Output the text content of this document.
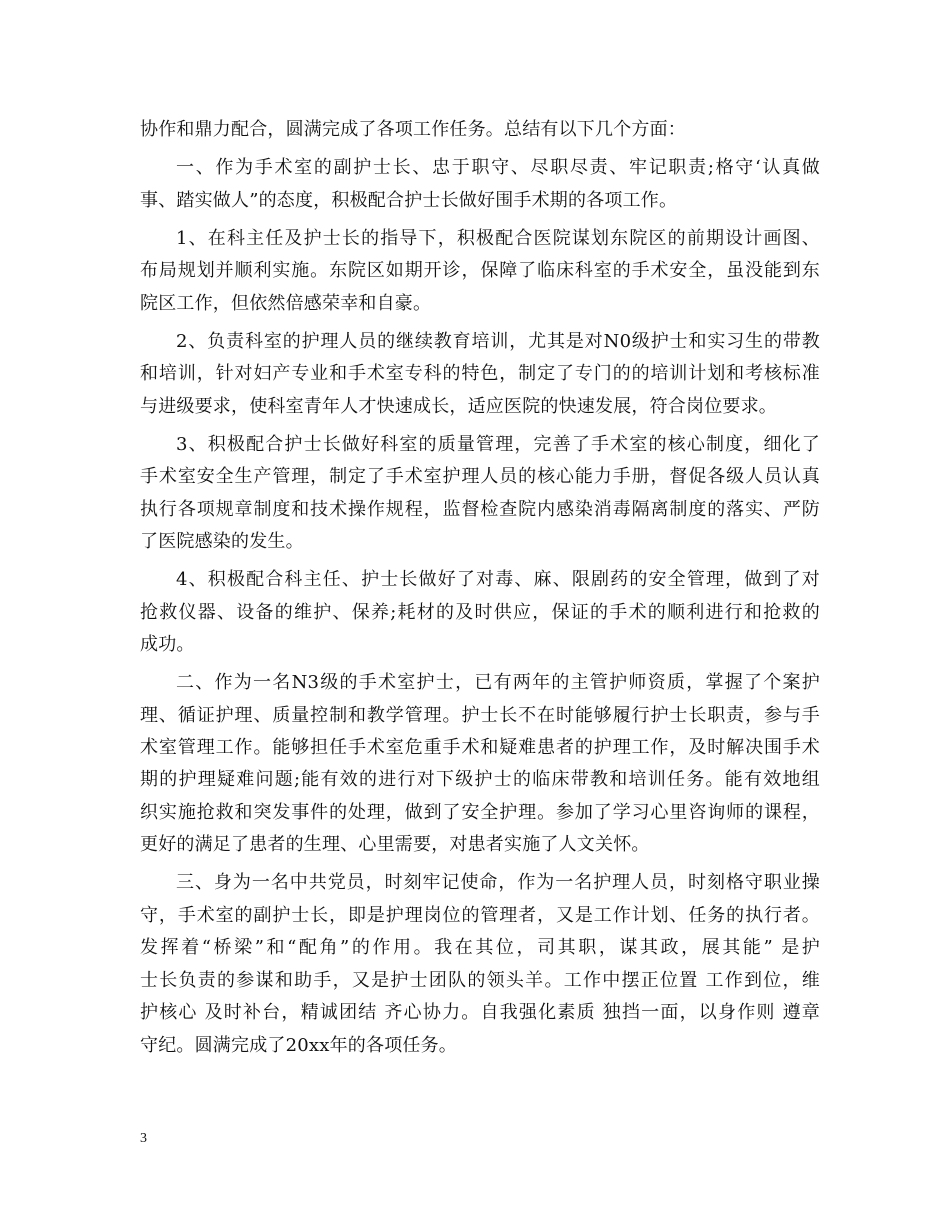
协作和鼎力配合，圆满完成了各项工作任务。总结有以下几个方面：
一、作为手术室的副护士长、忠于职守、尽职尽责、牢记职责;格守‘认真做
事、踏实做人”的态度，积极配合护士长做好围手术期的各项工作。
1、在科主任及护士长的指导下，积极配合医院谋划东院区的前期设计画图、
布局规划并顺利实施。东院区如期开诊，保障了临床科室的手术安全，虽没能到东
院区工作，但依然倍感荣幸和自豪。
2、负责科室的护理人员的继续教育培训，尤其是对N0级护士和实习生的带教
和培训，针对妇产专业和手术室专科的特色，制定了专门的的培训计划和考核标准
与进级要求，使科室青年人才快速成长，适应医院的快速发展，符合岗位要求。
3、积极配合护士长做好科室的质量管理，完善了手术室的核心制度，细化了
手术室安全生产管理，制定了手术室护理人员的核心能力手册，督促各级人员认真
执行各项规章制度和技术操作规程，监督检查院内感染消毒隔离制度的落实、严防
了医院感染的发生。
4、积极配合科主任、护士长做好了对毒、麻、限剧药的安全管理，做到了对
抢救仪器、设备的维护、保养;耗材的及时供应，保证的手术的顺利进行和抢救的
成功。
二、作为一名N3级的手术室护士，已有两年的主管护师资质，掌握了个案护
理、循证护理、质量控制和教学管理。护士长不在时能够履行护士长职责，参与手
术室管理工作。能够担任手术室危重手术和疑难患者的护理工作，及时解决围手术
期的护理疑难问题;能有效的进行对下级护士的临床带教和培训任务。能有效地组
织实施抢救和突发事件的处理，做到了安全护理。参加了学习心里咨询师的课程，
更好的满足了患者的生理、心里需要，对患者实施了人文关怀。
三、身为一名中共党员，时刻牢记使命，作为一名护理人员，时刻格守职业操
守，手术室的副护士长，即是护理岗位的管理者，又是工作计划、任务的执行者。
发挥着“桥梁”和“配角”的作用。我在其位，司其职，谋其政，展其能” 是护
士长负责的参谋和助手，又是护士团队的领头羊。工作中摆正位置 工作到位，维
护核心 及时补台，精诚团结 齐心协力。自我强化素质 独挡一面，以身作则 遵章
守纪。圆满完成了20xx年的各项任务。
3
